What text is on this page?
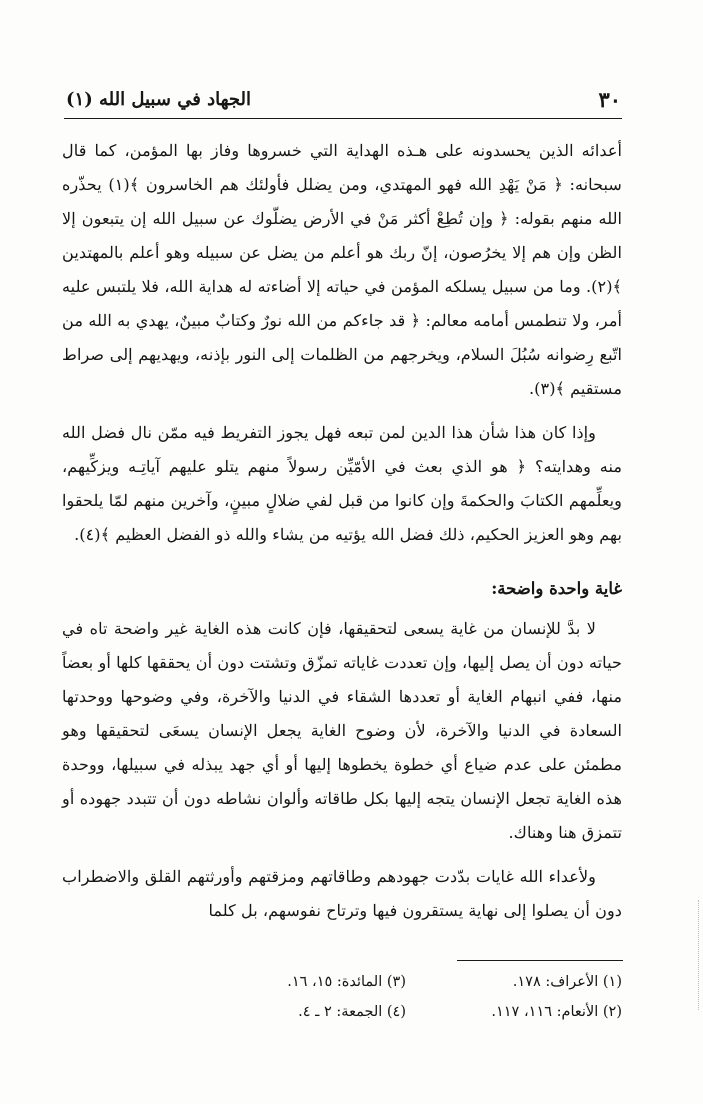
٣٠
الجهاد في سبيل الله (١)

أعدائه الذين يحسدونه على هـذه الهداية التي خسروها وفاز بها المؤمن، كما قال سبحانه: ﴿ مَنْ يَهْدِ الله فهو المهتدي، ومن يضلل فأولئك هم الخاسرون ﴾(١) يحذّره الله منهم بقوله: ﴿ وإن تُطِعْ أكثر مَنْ في الأرض يضلّوك عن سبيل الله إن يتبعون إلا الظن وإن هم إلا يخرُصون، إنّ ربك هو أعلم من يضل عن سبيله وهو أعلم بالمهتدين ﴾(٢). وما من سبيل يسلكه المؤمن في حياته إلا أضاءته له هداية الله، فلا يلتبس عليه أمر، ولا تنطمس أمامه معالم: ﴿ قد جاءكم من الله نورٌ وكتابٌ مبينٌ، يهدي به الله من اتّبع رِضوانه سُبُلَ السلام، ويخرجهم من الظلمات إلى النور بإذنه، ويهديهم إلى صراط مستقيم ﴾(٣).

وإذا كان هذا شأن هذا الدين لمن تبعه فهل يجوز التفريط فيه ممّن نال فضل الله منه وهدايته؟ ﴿ هو الذي بعث في الأمّيِّن رسولاً منهم يتلو عليهم آياتِـه ويزكِّيهم، ويعلِّمهم الكتابَ والحكمةَ وإن كانوا من قبل لفي ضلالٍ مبينٍ، وآخرين منهم لمّا يلحقوا بهم وهو العزيز الحكيم، ذلك فضل الله يؤتيه من يشاء والله ذو الفضل العظيم ﴾(٤).

غاية واحدة واضحة:

لا بدَّ للإنسان من غاية يسعى لتحقيقها، فإن كانت هذه الغاية غير واضحة تاه في حياته دون أن يصل إليها، وإن تعددت غاياته تمزّق وتشتت دون أن يحققها كلها أو بعضاً منها، ففي انبهام الغاية أو تعددها الشقاء في الدنيا والآخرة، وفي وضوحها ووحدتها السعادة في الدنيا والآخرة، لأن وضوح الغاية يجعل الإنسان يسعَى لتحقيقها وهو مطمئن على عدم ضياع أي خطوة يخطوها إليها أو أي جهد يبذله في سبيلها، ووحدة هذه الغاية تجعل الإنسان يتجه إليها بكل طاقاته وألوان نشاطه دون أن تتبدد جهوده أو تتمزق هنا وهناك.

ولأعداء الله غايات بدّدت جهودهم وطاقاتهم ومزقتهم وأورثتهم القلق والاضطراب دون أن يصلوا إلى نهاية يستقرون فيها وترتاح نفوسهم، بل كلما

(١) الأعراف: ١٧٨.
(٣) المائدة: ١٥، ١٦.
(٢) الأنعام: ١١٦، ١١٧.
(٤) الجمعة: ٢ ـ ٤.
